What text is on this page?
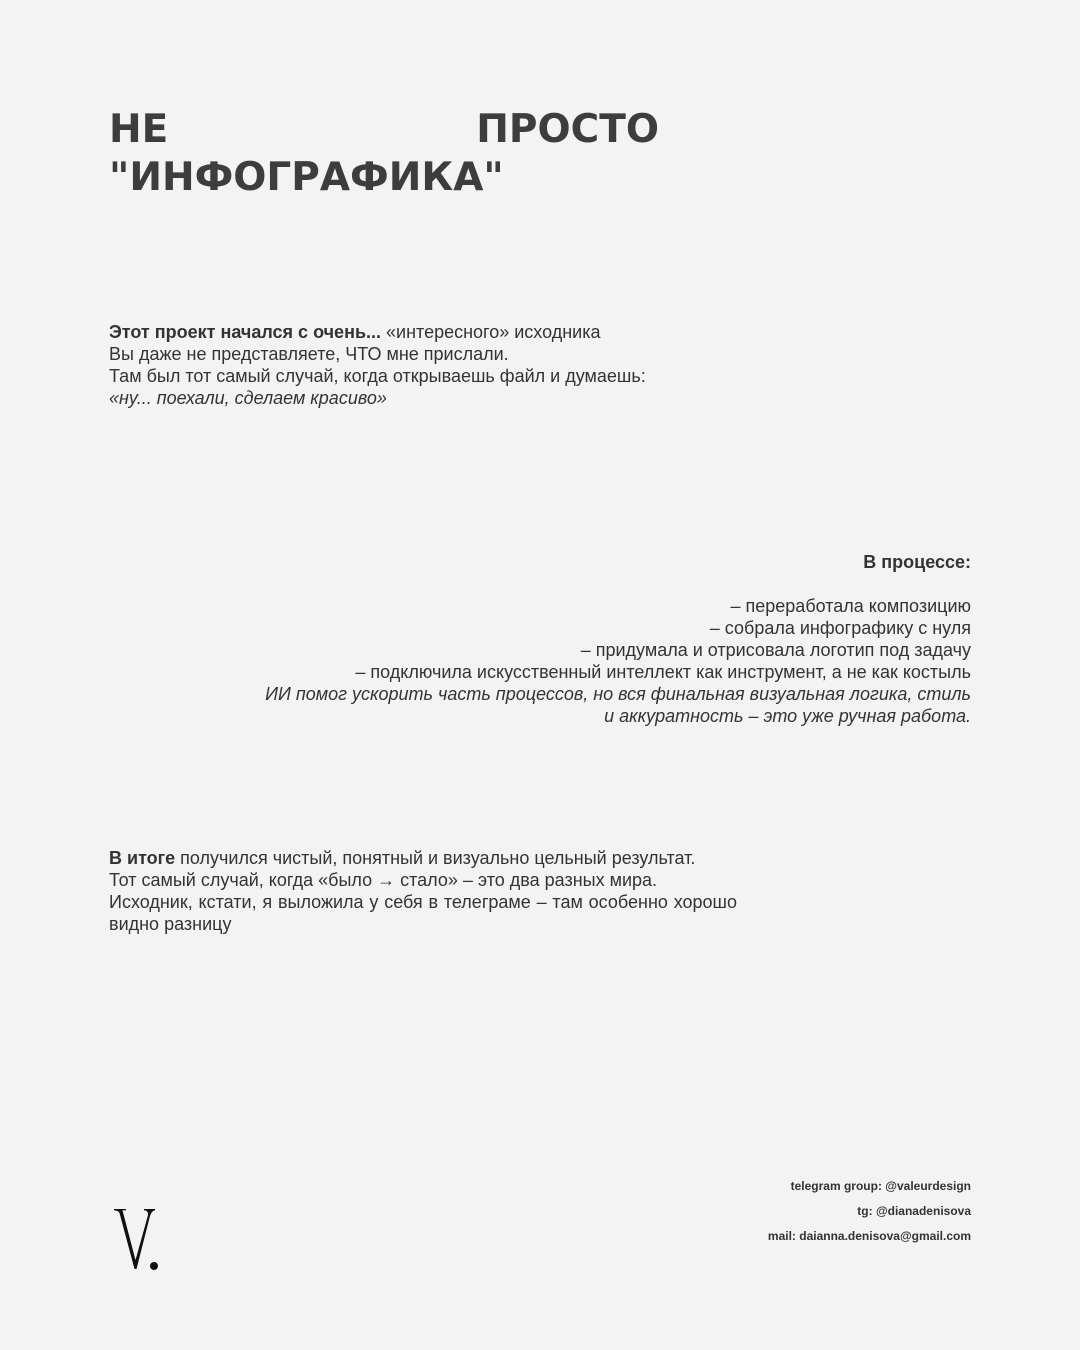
НЕ	ПРОСТО
"ИНФОГРАФИКА"

Этот проект начался с очень... «интересного» исходника

Вы даже не представляете, ЧТО мне прислали.

Там был тот самый случай, когда открываешь файл и думаешь:

«ну... поехали, сделаем красиво»

В процессе:

– переработала композицию

– собрала инфографику с нуля

– придумала и отрисовала логотип под задачу

– подключила искусственный интеллект как инструмент, а не как костыль

ИИ помог ускорить часть процессов, но вся финальная визуальная логика, стиль

и аккуратность – это уже ручная работа.

В итоге получился чистый, понятный и визуально цельный результат.

Тот самый случай, когда «было → стало» – это два разных мира.

Исходник, кстати, я выложила у себя в телеграме – там особенно хорошо видно разницу

telegram group: @valeurdesign
tg: @dianadenisova
mail: daianna.denisova@gmail.com
